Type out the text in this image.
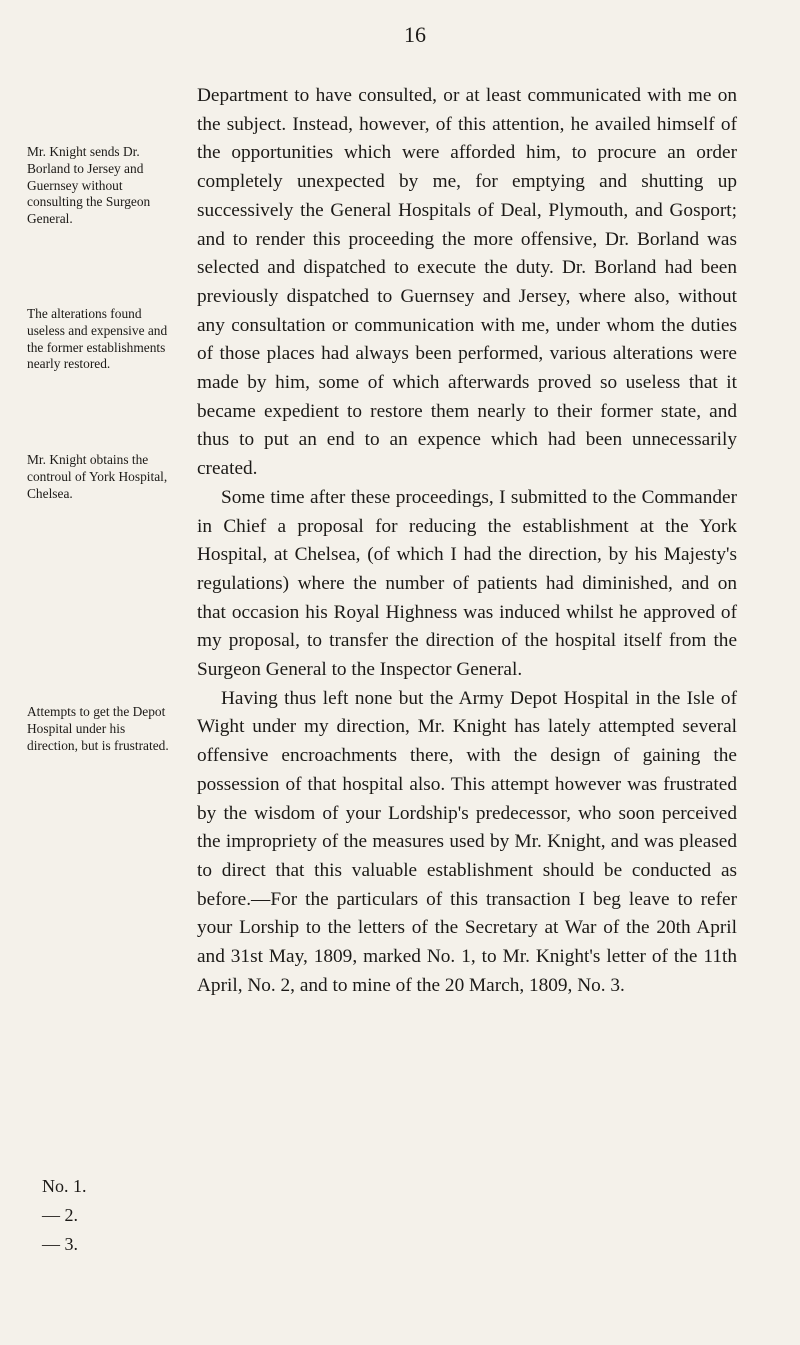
16
Mr. Knight sends Dr. Borland to Jersey and Guernsey without consulting the Surgeon General.
The alterations found useless and expensive and the former establishments nearly restored.
Mr. Knight obtains the controul of York Hospital, Chelsea.
Attempts to get the Depot Hospital under his direction, but is frustrated.
No. 1.
— 2.
— 3.

Department to have consulted, or at least communicated with me on the subject. Instead, however, of this attention, he availed himself of the opportunities which were afforded him, to procure an order completely unexpected by me, for emptying and shutting up successively the General Hospitals of Deal, Plymouth, and Gosport; and to render this proceeding the more offensive, Dr. Borland was selected and dispatched to execute the duty. Dr. Borland had been previously dispatched to Guernsey and Jersey, where also, without any consultation or communication with me, under whom the duties of those places had always been performed, various alterations were made by him, some of which afterwards proved so useless that it became expedient to restore them nearly to their former state, and thus to put an end to an expence which had been unnecessarily created.

Some time after these proceedings, I submitted to the Commander in Chief a proposal for reducing the establishment at the York Hospital, at Chelsea, (of which I had the direction, by his Majesty's regulations) where the number of patients had diminished, and on that occasion his Royal Highness was induced whilst he approved of my proposal, to transfer the direction of the hospital itself from the Surgeon General to the Inspector General.

Having thus left none but the Army Depot Hospital in the Isle of Wight under my direction, Mr. Knight has lately attempted several offensive encroachments there, with the design of gaining the possession of that hospital also. This attempt however was frustrated by the wisdom of your Lordship's predecessor, who soon perceived the impropriety of the measures used by Mr. Knight, and was pleased to direct that this valuable establishment should be conducted as before.—For the particulars of this transaction I beg leave to refer your Lorship to the letters of the Secretary at War of the 20th April and 31st May, 1809, marked No. 1, to Mr. Knight's letter of the 11th April, No. 2, and to mine of the 20 March, 1809, No. 3.
